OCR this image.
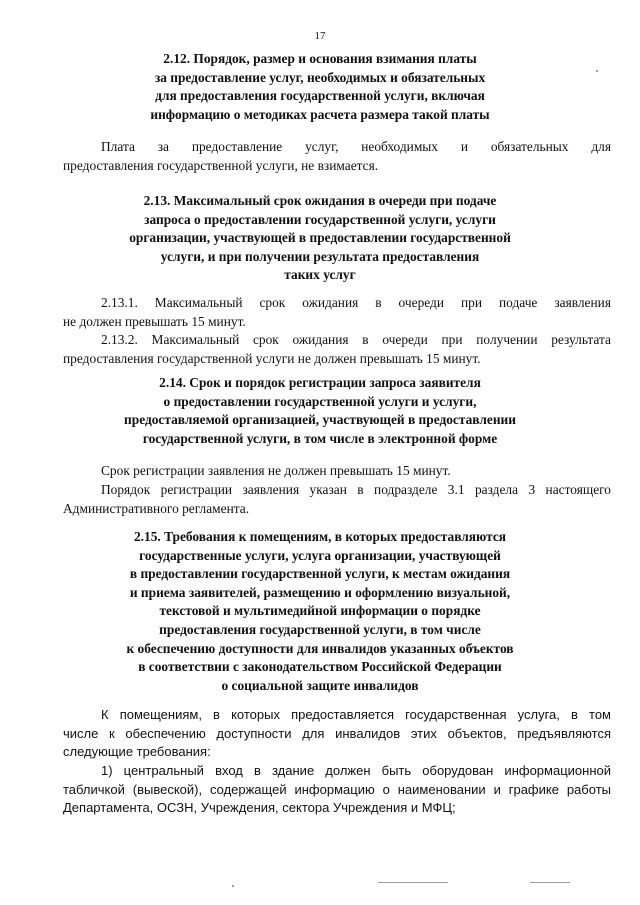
17
2.12. Порядок, размер и основания взимания платы
за предоставление услуг, необходимых и обязательных
для предоставления государственной услуги, включая
информацию о методиках расчета размера такой платы
Плата за предоставление услуг, необходимых и обязательных для
предоставления государственной услуги, не взимается.
2.13. Максимальный срок ожидания в очереди при подаче
запроса о предоставлении государственной услуги, услуги
организации, участвующей в предоставлении государственной
услуги, и при получении результата предоставления
таких услуг
2.13.1. Максимальный срок ожидания в очереди при подаче заявления
не должен превышать 15 минут.
2.13.2. Максимальный срок ожидания в очереди при получении результата
предоставления государственной услуги не должен превышать 15 минут.
2.14. Срок и порядок регистрации запроса заявителя
о предоставлении государственной услуги и услуги,
предоставляемой организацией, участвующей в предоставлении
государственной услуги, в том числе в электронной форме
Срок регистрации заявления не должен превышать 15 минут.
Порядок регистрации заявления указан в подразделе 3.1 раздела 3 настоящего
Административного регламента.
2.15. Требования к помещениям, в которых предоставляются
государственные услуги, услуга организации, участвующей
в предоставлении государственной услуги, к местам ожидания
и приема заявителей, размещению и оформлению визуальной,
текстовой и мультимедийной информации о порядке
предоставления государственной услуги, в том числе
к обеспечению доступности для инвалидов указанных объектов
в соответствии с законодательством Российской Федерации
о социальной защите инвалидов
К помещениям, в которых предоставляется государственная услуга, в том
числе к обеспечению доступности для инвалидов этих объектов, предъявляются
следующие требования:
1) центральный вход в здание должен быть оборудован информационной
табличкой (вывеской), содержащей информацию о наименовании и графике работы
Департамента, ОСЗН, Учреждения, сектора Учреждения и МФЦ;
